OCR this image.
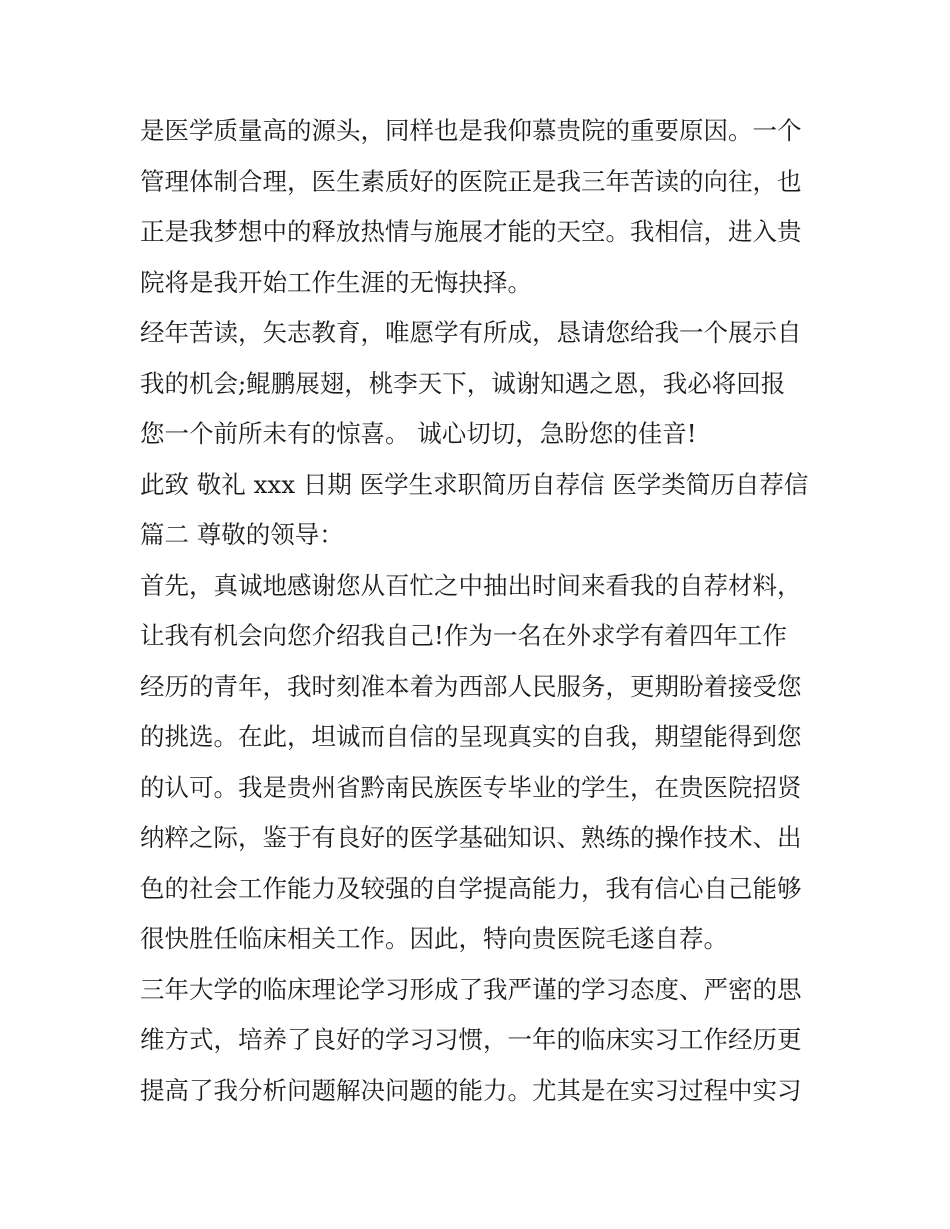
是医学质量高的源头，同样也是我仰慕贵院的重要原因。一个
管理体制合理，医生素质好的医院正是我三年苦读的向往，也
正是我梦想中的释放热情与施展才能的天空。我相信，进入贵
院将是我开始工作生涯的无悔抉择。
经年苦读，矢志教育，唯愿学有所成，恳请您给我一个展示自
我的机会;鲲鹏展翅，桃李天下，诚谢知遇之恩，我必将回报
您一个前所未有的惊喜。 诚心切切，急盼您的佳音!
此致 敬礼 xxx 日期 医学生求职简历自荐信 医学类简历自荐信
篇二 尊敬的领导：
首先，真诚地感谢您从百忙之中抽出时间来看我的自荐材料，
让我有机会向您介绍我自己!作为一名在外求学有着四年工作
经历的青年，我时刻准本着为西部人民服务，更期盼着接受您
的挑选。在此，坦诚而自信的呈现真实的自我，期望能得到您
的认可。我是贵州省黔南民族医专毕业的学生，在贵医院招贤
纳粹之际，鉴于有良好的医学基础知识、熟练的操作技术、出
色的社会工作能力及较强的自学提高能力，我有信心自己能够
很快胜任临床相关工作。因此，特向贵医院毛遂自荐。
三年大学的临床理论学习形成了我严谨的学习态度、严密的思
维方式，培养了良好的学习习惯，一年的临床实习工作经历更
提高了我分析问题解决问题的能力。尤其是在实习过程中实习
